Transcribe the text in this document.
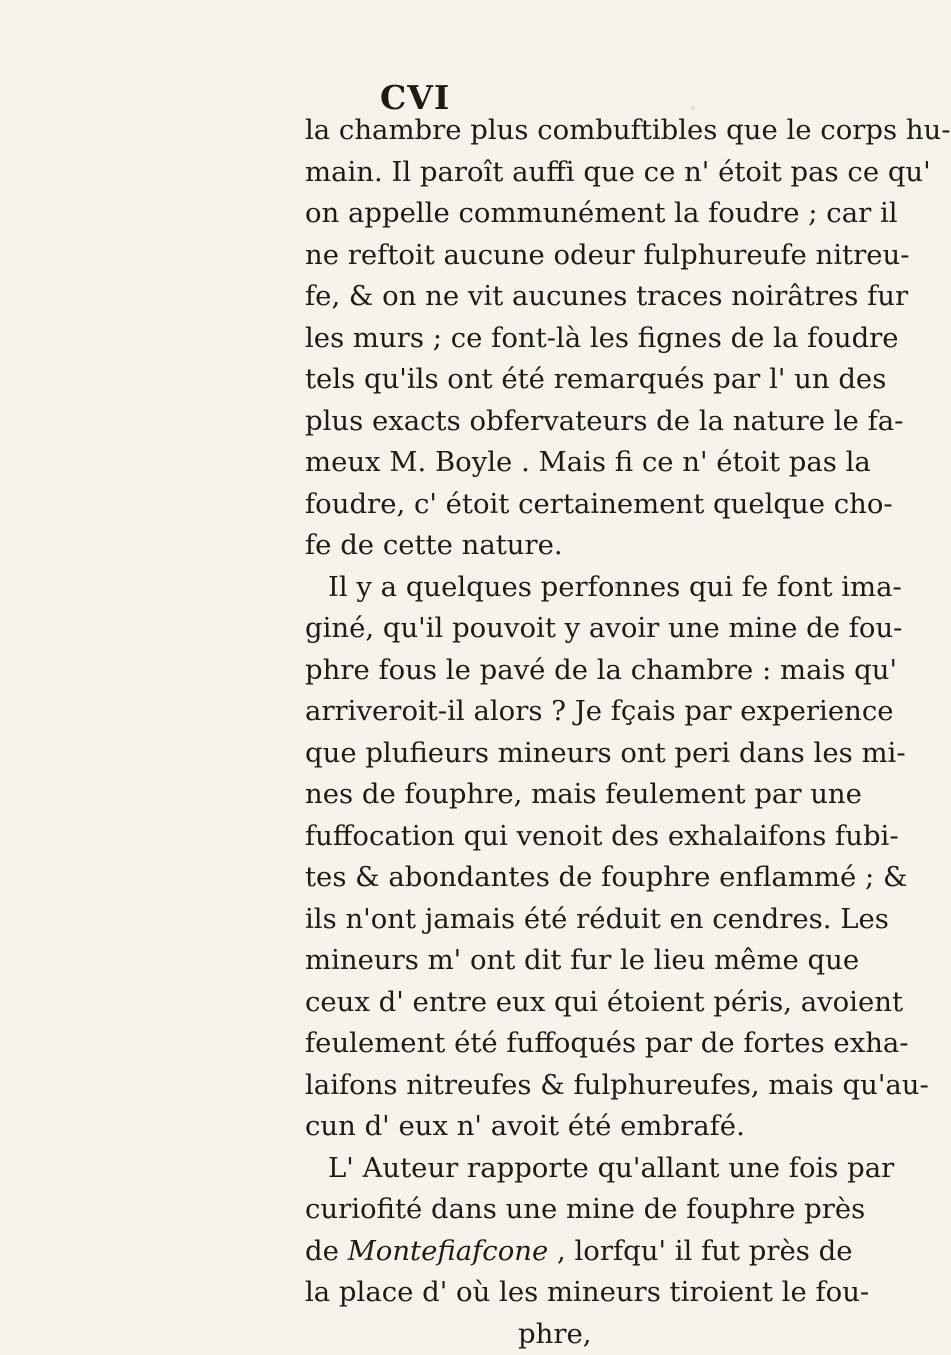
CVI
la chambre plus combuftibles que le corps hu-
main. Il paroît auffi que ce n' étoit pas ce qu'
on appelle communément la foudre ; car il
ne reftoit aucune odeur fulphureufe nitreu-
fe, & on ne vit aucunes traces noirâtres fur
les murs ; ce font-là les fignes de la foudre
tels qu'ils ont été remarqués par l' un des
plus exacts obfervateurs de la nature le fa-
meux M. Boyle . Mais fi ce n' étoit pas la
foudre, c' étoit certainement quelque cho-
fe de cette nature.
Il y a quelques perfonnes qui fe font ima-
giné, qu'il pouvoit y avoir une mine de fou-
phre fous le pavé de la chambre : mais qu'
arriveroit-il alors ? Je fçais par experience
que plufieurs mineurs ont peri dans les mi-
nes de fouphre, mais feulement par une
fuffocation qui venoit des exhalaifons fubi-
tes & abondantes de fouphre enflammé ; &
ils n'ont jamais été réduit en cendres. Les
mineurs m' ont dit fur le lieu même que
ceux d' entre eux qui étoient péris, avoient
feulement été fuffoqués par de fortes exha-
laifons nitreufes & fulphureufes, mais qu'au-
cun d' eux n' avoit été embrafé.
L' Auteur rapporte qu'allant une fois par
curiofité dans une mine de fouphre près
de Montefiafcone , lorfqu' il fut près de
la place d' où les mineurs tiroient le fou-
phre,
